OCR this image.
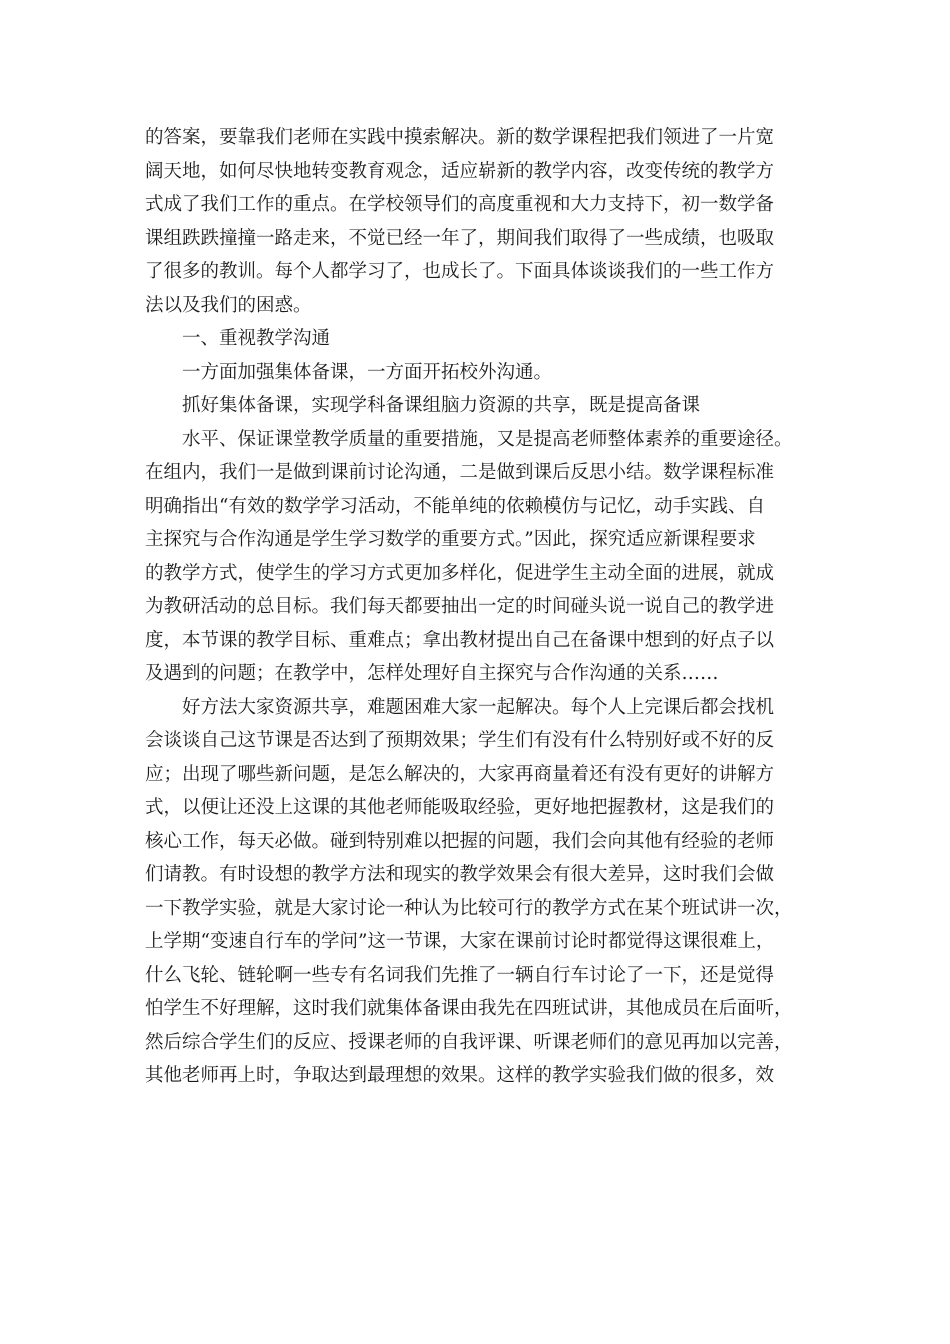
的答案，要靠我们老师在实践中摸索解决。新的数学课程把我们领进了一片宽
阔天地，如何尽快地转变教育观念，适应崭新的教学内容，改变传统的教学方
式成了我们工作的重点。在学校领导们的高度重视和大力支持下，初一数学备
课组跌跌撞撞一路走来，不觉已经一年了，期间我们取得了一些成绩，也吸取
了很多的教训。每个人都学习了，也成长了。下面具体谈谈我们的一些工作方
法以及我们的困惑。
一、重视教学沟通
一方面加强集体备课，一方面开拓校外沟通。
抓好集体备课，实现学科备课组脑力资源的共享，既是提高备课
水平、保证课堂教学质量的重要措施，又是提高老师整体素养的重要途径。
在组内，我们一是做到课前讨论沟通，二是做到课后反思小结。数学课程标准
明确指出“有效的数学学习活动，不能单纯的依赖模仿与记忆，动手实践、自
主探究与合作沟通是学生学习数学的重要方式。”因此，探究适应新课程要求
的教学方式，使学生的学习方式更加多样化，促进学生主动全面的进展，就成
为教研活动的总目标。我们每天都要抽出一定的时间碰头说一说自己的教学进
度，本节课的教学目标、重难点；拿出教材提出自己在备课中想到的好点子以
及遇到的问题；在教学中，怎样处理好自主探究与合作沟通的关系……
好方法大家资源共享，难题困难大家一起解决。每个人上完课后都会找机
会谈谈自己这节课是否达到了预期效果；学生们有没有什么特别好或不好的反
应；出现了哪些新问题，是怎么解决的，大家再商量着还有没有更好的讲解方
式，以便让还没上这课的其他老师能吸取经验，更好地把握教材，这是我们的
核心工作，每天必做。碰到特别难以把握的问题，我们会向其他有经验的老师
们请教。有时设想的教学方法和现实的教学效果会有很大差异，这时我们会做
一下教学实验，就是大家讨论一种认为比较可行的教学方式在某个班试讲一次，
上学期“变速自行车的学问”这一节课，大家在课前讨论时都觉得这课很难上，
什么飞轮、链轮啊一些专有名词我们先推了一辆自行车讨论了一下，还是觉得
怕学生不好理解，这时我们就集体备课由我先在四班试讲，其他成员在后面听，
然后综合学生们的反应、授课老师的自我评课、听课老师们的意见再加以完善，
其他老师再上时，争取达到最理想的效果。这样的教学实验我们做的很多，效
